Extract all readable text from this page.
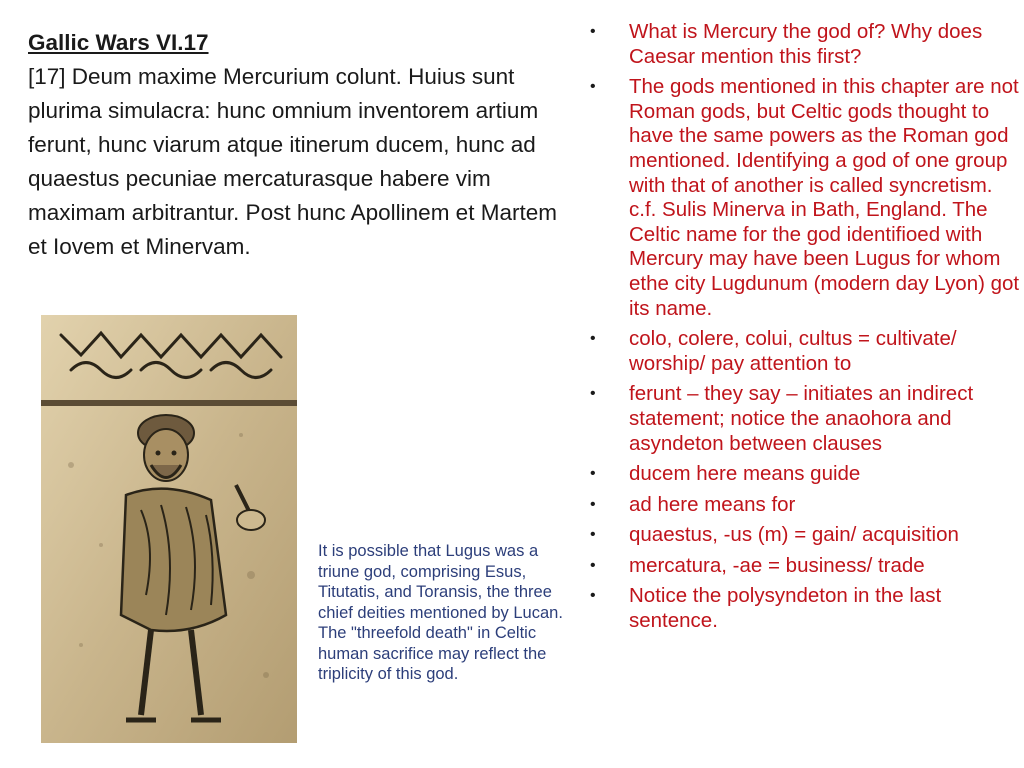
Gallic Wars VI.17
[17] Deum maxime Mercurium colunt. Huius sunt plurima simulacra: hunc omnium inventorem artium ferunt, hunc viarum atque itinerum ducem, hunc ad quaestus pecuniae mercaturasque habere vim maximam arbitrantur. Post hunc Apollinem et Martem et Iovem et Minervam.
It is possible that Lugus was a triune god, comprising Esus, Titutatis, and Toransis, the three chief deities mentioned by Lucan. The "threefold death" in Celtic human sacrifice may reflect the triplicity of this god.
• What is Mercury the god of? Why does Caesar mention this first?
• The gods mentioned in this chapter are not Roman gods, but Celtic gods thought to have the same powers as the Roman god mentioned. Identifying a god of one group with that of another is called syncretism. c.f. Sulis Minerva in Bath, England. The Celtic name for the god identifioed with Mercury may have been Lugus for whom ethe city Lugdunum (modern day Lyon) got its name.
• colo, colere, colui, cultus = cultivate/ worship/ pay attention to
• ferunt – they say – initiates an indirect statement; notice the anaohora and asyndeton between clauses
• ducem here means guide
• ad here means for
• quaestus, -us (m) = gain/ acquisition
• mercatura, -ae = business/ trade
• Notice the polysyndeton in the last sentence.
